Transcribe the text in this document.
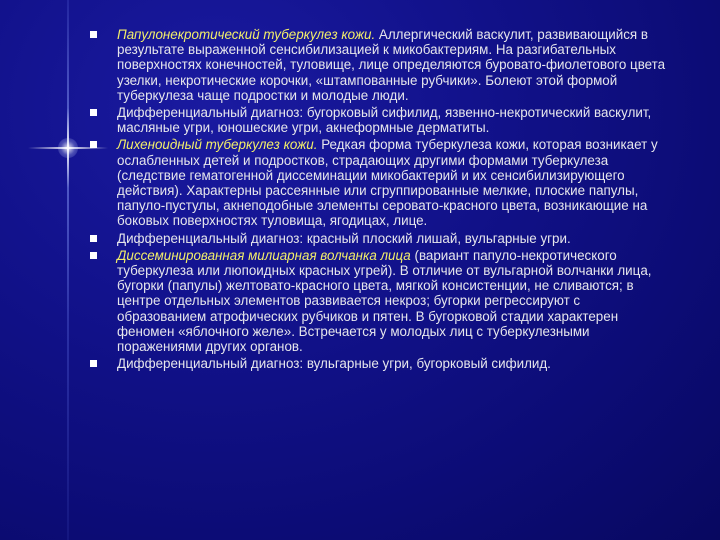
Папулонекротический туберкулез кожи. Аллергический васкулит, развивающийся в результате выраженной сенсибилизацией к микобактериям. На разгибательных поверхностях конечностей, туловище, лице определяются буровато-фиолетового цвета узелки, некротические корочки, «штампованные рубчики». Болеют этой формой туберкулеза чаще подростки и молодые люди.
Дифференциальный диагноз: бугорковый сифилид, язвенно-некротический васкулит, масляные угри, юношеские угри, акнеформные дерматиты.
Лихеноидный туберкулез кожи. Редкая форма туберкулеза кожи, которая возникает у ослабленных детей и подростков, страдающих другими формами туберкулеза (следствие гематогенной диссеминации микобактерий и их сенсибилизирующего действия). Характерны рассеянные или сгруппированные мелкие, плоские папулы, папуло-пустулы, акнеподобные элементы серовато-красного цвета, возникающие на боковых поверхностях туловища, ягодицах, лице.
Дифференциальный диагноз: красный плоский лишай, вульгарные угри.
Диссеминированная милиарная волчанка лица (вариант папуло-некротического туберкулеза или люпоидных красных угрей). В отличие от вульгарной волчанки лица, бугорки (папулы) желтовато-красного цвета, мягкой консистенции, не сливаются; в центре отдельных элементов развивается некроз; бугорки регрессируют с образованием атрофических рубчиков и пятен. В бугорковой стадии характерен феномен «яблочного желе». Встречается у молодых лиц с туберкулезными поражениями других органов.
Дифференциальный диагноз: вульгарные угри, бугорковый сифилид.
